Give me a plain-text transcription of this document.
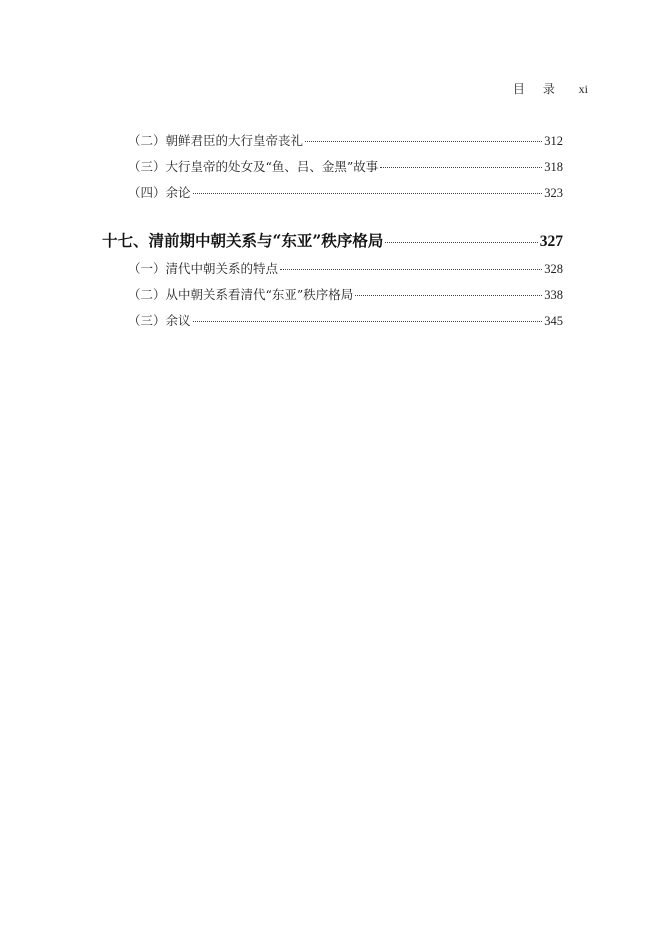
目录 xi
（二）朝鲜君臣的大行皇帝丧礼	312
（三）大行皇帝的处女及“鱼、吕、金黑”故事	318
（四）余论	323
十七、清前期中朝关系与“东亚”秩序格局	327
（一）清代中朝关系的特点	328
（二）从中朝关系看清代“东亚”秩序格局	338
（三）余议	345
